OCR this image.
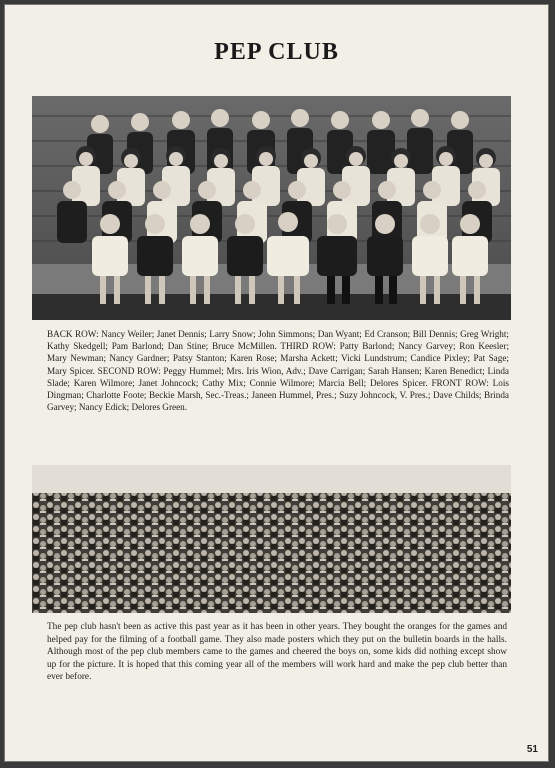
PEP CLUB
BACK ROW: Nancy Weiler; Janet Dennis; Larry Snow; John Simmons; Dan Wyant; Ed Cranson; Bill Dennis; Greg Wright; Kathy Skedgell; Pam Barlond; Dan Stine; Bruce McMillen. THIRD ROW: Patty Barlond; Nancy Garvey; Ron Keesler; Mary Newman; Nancy Gardner; Patsy Stanton; Karen Rose; Marsha Ackett; Vicki Lundstrum; Candice Pixley; Pat Sage; Mary Spicer. SECOND ROW: Peggy Hummel; Mrs. Iris Wion, Adv.; Dave Carrigan; Sarah Hansen; Karen Benedict; Linda Slade; Karen Wilmore; Janet Johncock; Cathy Mix; Connie Wilmore; Marcia Bell; Delores Spicer. FRONT ROW: Lois Dingman; Charlotte Foote; Beckie Marsh, Sec.-Treas.; Janeen Hummel, Pres.; Suzy Johncock, V. Pres.; Dave Childs; Brinda Garvey; Nancy Edick; Delores Green.
The pep club hasn't been as active this past year as it has been in other years. They bought the oranges for the games and helped pay for the filming of a football game. They also made posters which they put on the bulletin boards in the halls. Although most of the pep club members came to the games and cheered the boys on, some kids did nothing except show up for the picture. It is hoped that this coming year all of the members will work hard and make the pep club better than ever before.
51
